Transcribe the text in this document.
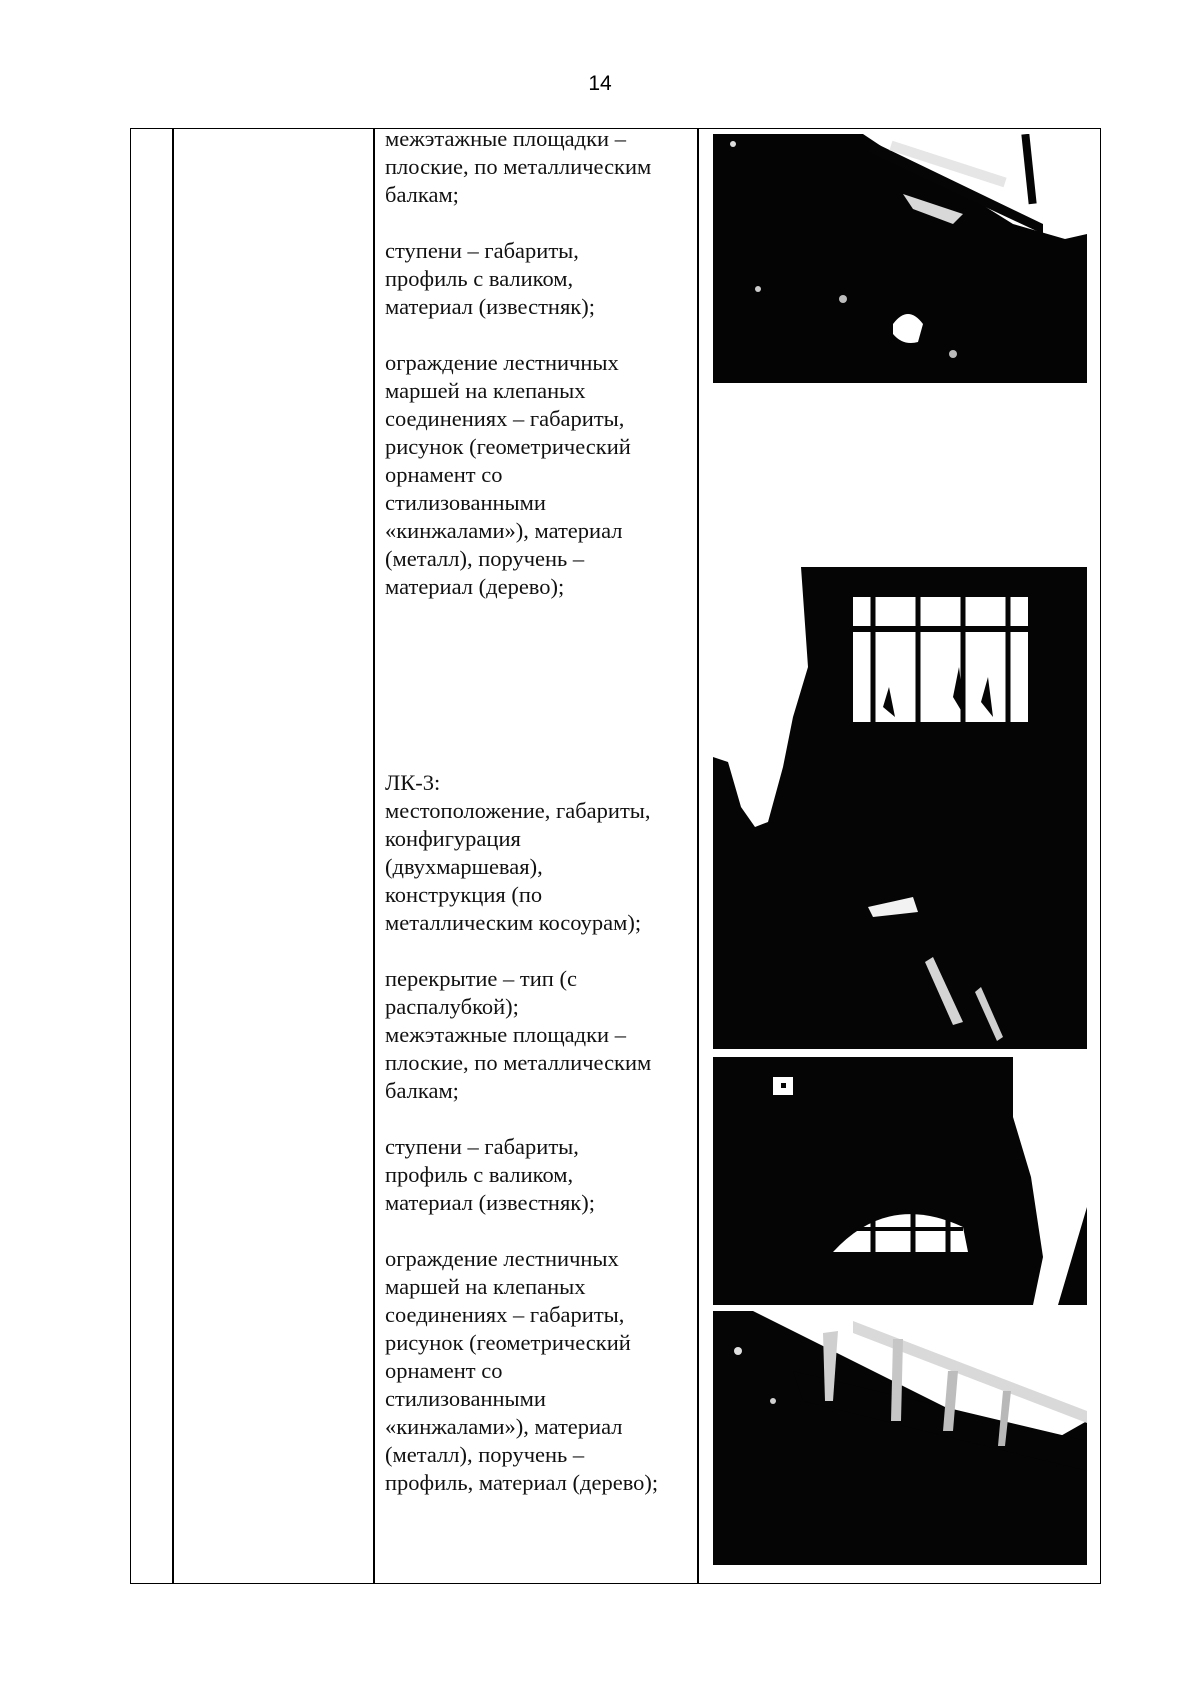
14

межэтажные площадки –
плоские, по металлическим
балкам;

ступени – габариты,
профиль с валиком,
материал (известняк);

ограждение лестничных
маршей на клепаных
соединениях – габариты,
рисунок (геометрический
орнамент со
стилизованными
«кинжалами»), материал
(металл), поручень –
материал (дерево);

ЛК-3:
местоположение, габариты,
конфигурация
(двухмаршевая),
конструкция (по
металлическим косоурам);

перекрытие – тип (с
распалубкой);
межэтажные площадки –
плоские, по металлическим
балкам;

ступени – габариты,
профиль с валиком,
материал (известняк);

ограждение лестничных
маршей на клепаных
соединениях – габариты,
рисунок (геометрический
орнамент со
стилизованными
«кинжалами»), материал
(металл), поручень –
профиль, материал (дерево);
